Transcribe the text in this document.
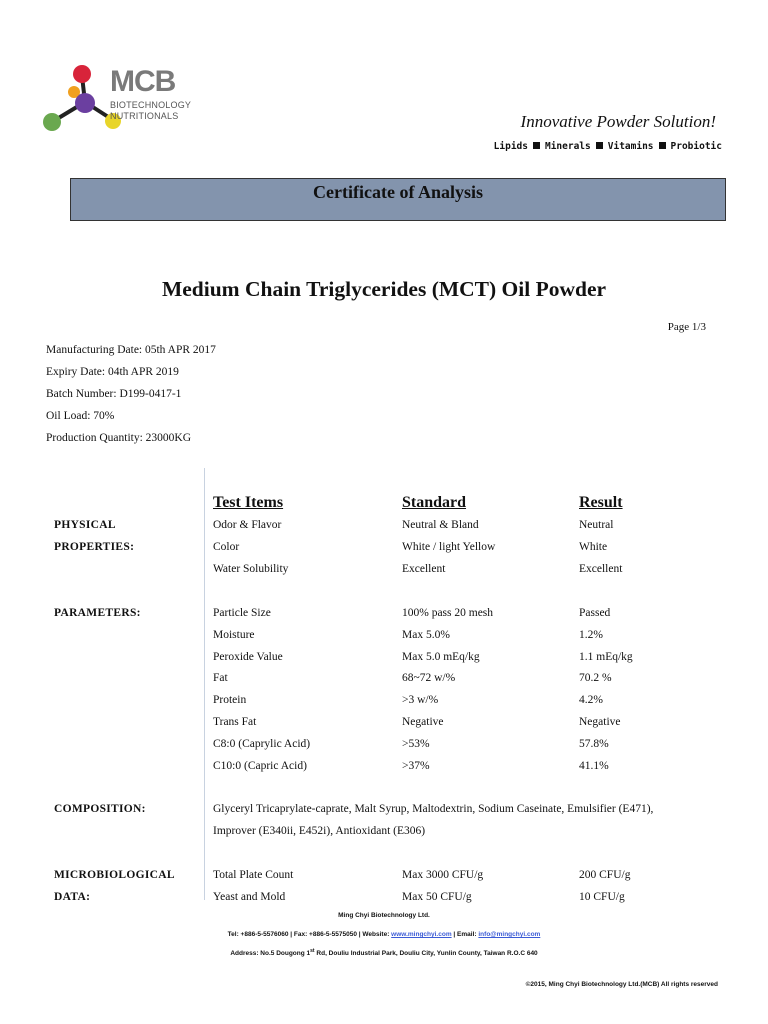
MCB
BIOTECHNOLOGY
NUTRITIONALS	Innovative Powder Solution!
Lipids Minerals Vitamins Probiotic
Certificate of Analysis
Medium Chain Triglycerides (MCT) Oil Powder
Page 1/3
Manufacturing Date: 05th APR 2017
Expiry Date: 04th APR 2019
Batch Number: D199-0417-1
Oil Load: 70%
Production Quantity: 23000KG
Test Items	Standard	Result
PHYSICAL
PROPERTIES:
Odor & Flavor	Neutral & Bland	Neutral
Color	White / light Yellow	White
Water Solubility	Excellent	Excellent
PARAMETERS:	Particle Size	100% pass 20 mesh	Passed
Moisture	Max 5.0%	1.2%
Peroxide Value	Max 5.0 mEq/kg	1.1 mEq/kg
Fat	68~72 w/%	70.2 %
Protein	>3 w/%	4.2%
Trans Fat	Negative	Negative
C8:0 (Caprylic Acid)	>53%	57.8%
C10:0 (Capric Acid)	>37%	41.1%
COMPOSITION:	Glyceryl Tricaprylate-caprate, Malt Syrup, Maltodextrin, Sodium Caseinate, Emulsifier (E471),
Improver (E340ii, E452i), Antioxidant (E306)
MICROBIOLOGICAL
DATA:
Total Plate Count	Max 3000 CFU/g	200 CFU/g
Yeast and Mold	Max 50 CFU/g	10 CFU/g
Ming Chyi Biotechnology Ltd.
Tel: +886-5-5576060 | Fax: +886-5-5575050 | Website: www.mingchyi.com | Email: info@mingchyi.com
Address: No.5 Dougong 1st Rd, Douliu Industrial Park, Douliu City, Yunlin County, Taiwan R.O.C 640
©2015, Ming Chyi Biotechnology Ltd.(MCB) All rights reserved
